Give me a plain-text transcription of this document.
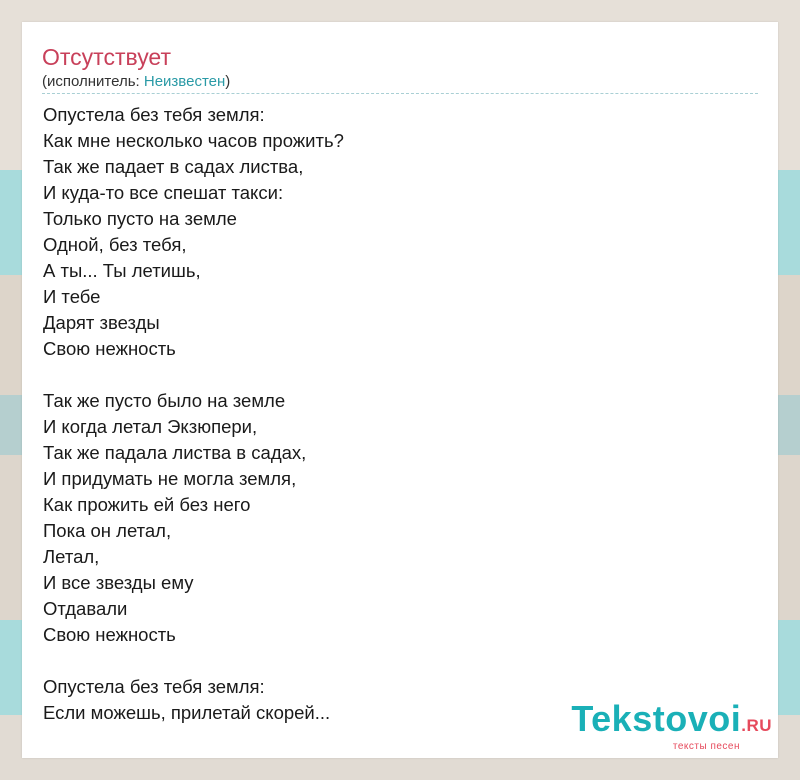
Отсутствует
(исполнитель: Неизвестен)
Опустела без тебя земля:
Как мне несколько часов прожить?
Так же падает в садах листва,
И куда-то все спешат такси:
Только пусто на земле
Одной, без тебя,
А ты... Ты летишь,
И тебе
Дарят звезды
Свою нежность
Так же пусто было на земле
И когда летал Экзюпери,
Так же падала листва в садах,
И придумать не могла земля,
Как прожить ей без него
Пока он летал,
Летал,
И все звезды ему
Отдавали
Свою нежность
Опустела без тебя земля:
Если можешь, прилетай скорей...	Tekstovoi.RU
тексты песен
